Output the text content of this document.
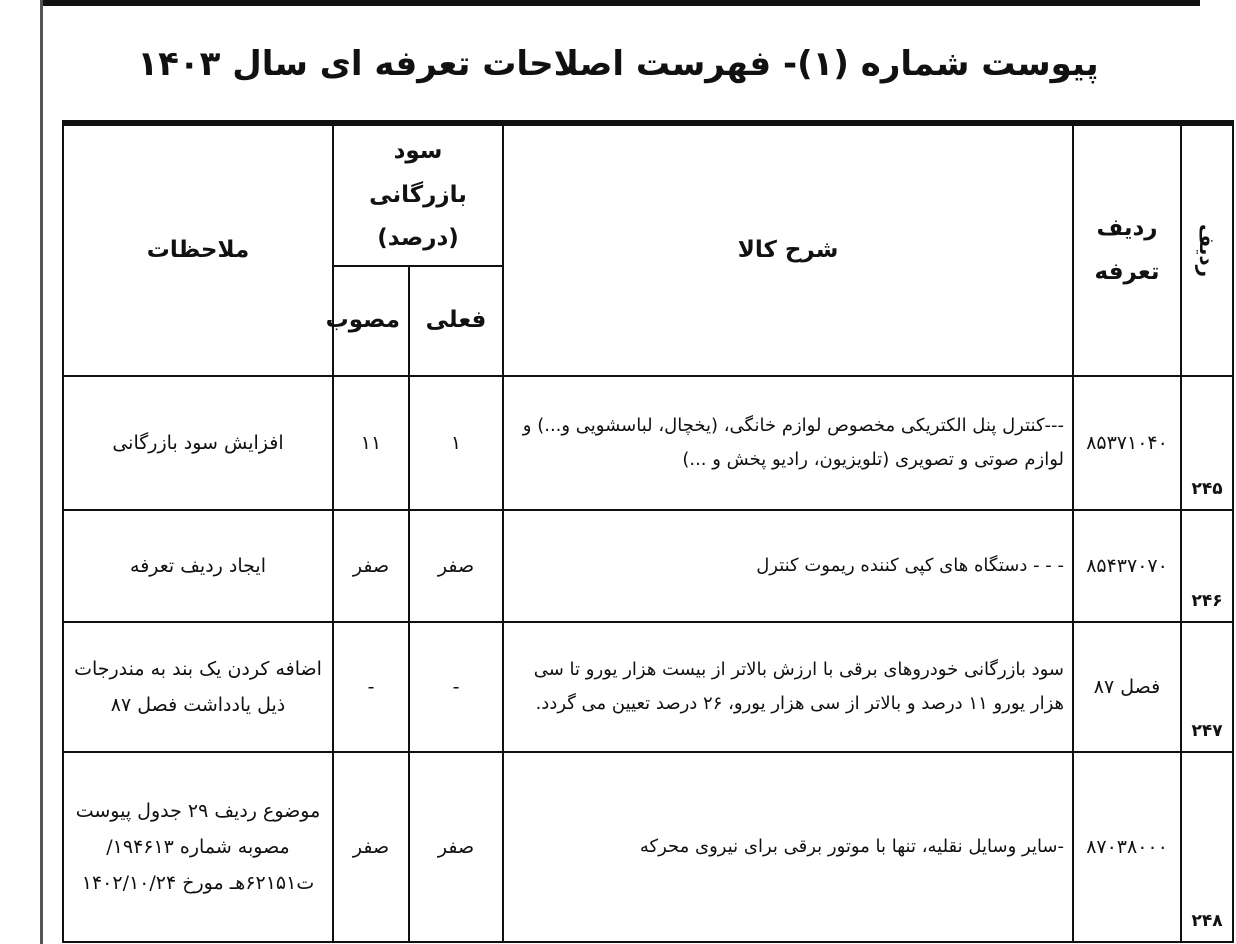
پیوست شماره (۱)- فهرست اصلاحات تعرفه ای سال ۱۴۰۳
ردیف	ردیف تعرفه	شرح کالا	سود بازرگانی (درصد)		ملاحظات
			فعلی	مصوب	
۲۴۵	۸۵۳۷۱۰۴۰	---کنترل پنل الکتریکی مخصوص لوازم خانگی، (یخچال، لباسشویی و...) و لوازم صوتی و تصویری (تلویزیون، رادیو پخش و ...)	۱	۱۱	افزایش سود بازرگانی
۲۴۶	۸۵۴۳۷۰۷۰	- - - دستگاه های کپی کننده ریموت کنترل	صفر	صفر	ایجاد ردیف تعرفه
۲۴۷	فصل ۸۷	سود بازرگانی خودروهای برقی با ارزش بالاتر از بیست هزار یورو تا سی هزار یورو ۱۱ درصد و بالاتر از سی هزار یورو، ۲۶ درصد تعیین می گردد.	-	-	اضافه کردن یک بند به مندرجات ذیل یادداشت فصل ۸۷
۲۴۸	۸۷۰۳۸۰۰۰	-سایر وسایل نقلیه، تنها با موتور برقی برای نیروی محرکه	صفر	صفر	موضوع ردیف ۲۹ جدول پیوست مصوبه شماره ۱۹۴۶۱۳/ت۶۲۱۵۱هـ مورخ ۱۴۰۲/۱۰/۲۴
